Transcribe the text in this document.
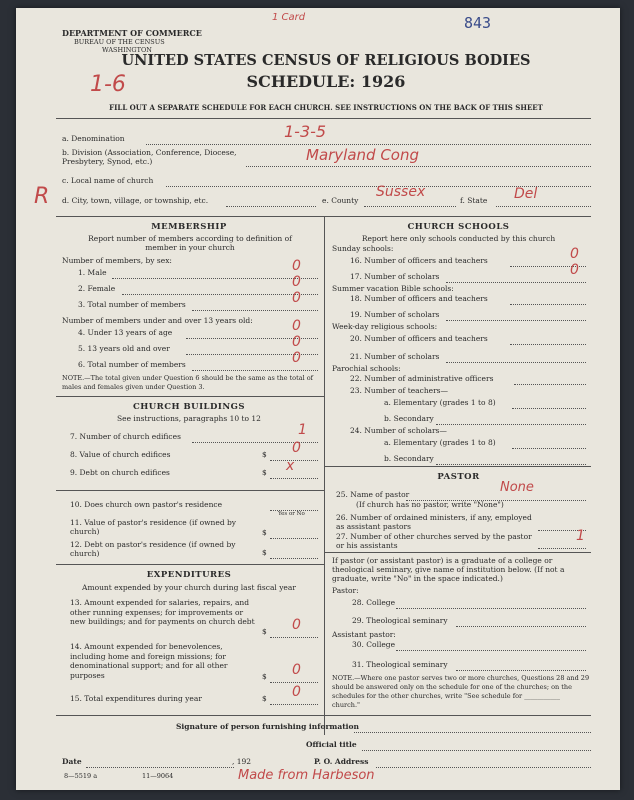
DEPARTMENT OF COMMERCE
BUREAU OF THE CENSUS
WASHINGTON
1 Card	843
UNITED STATES CENSUS OF RELIGIOUS BODIES
SCHEDULE: 1926
1-6
FILL OUT A SEPARATE SCHEDULE FOR EACH CHURCH. SEE INSTRUCTIONS ON THE BACK OF THIS SHEET
a. Denomination	1-3-5
b. Division (Association, Conference, Diocese, Presbytery, Synod, etc.)	Maryland Cong
c. Local name of church
R d. City, town, village, or township, etc.	e. County
Sussex
f. State Del
MEMBERSHIP
Report number of members according to definition of member in your church
Number of members, by sex:
1. Male	0
2. Female	0
3. Total number of members	0
Number of members under and over 13 years old:
4. Under 13 years of age	0
5. 13 years old and over	0
6. Total number of members	0
NOTE.—The total given under Question 6 should be the same as the total of males and females given under Question 3.
CHURCH BUILDINGS
See instructions, paragraphs 10 to 12
7. Number of church edifices	1
8. Value of church edifices	$ 0
9. Debt on church edifices	$ x
10. Does church own pastor's residence
Yes or No
11. Value of pastor's residence (if owned by church)	$
12. Debt on pastor's residence (if owned by church)	$
EXPENDITURES
Amount expended by your church during last fiscal year
13. Amount expended for salaries, repairs, and other running expenses; for improvements or new buildings; and for payments on church debt
$ 0
14. Amount expended for benevolences, including home and foreign missions; for denominational support; and for all other purposes	$ 0
15. Total expenditures during year	$ 0
CHURCH SCHOOLS
Report here only schools conducted by this church
Sunday schools:
16. Number of officers and teachers	0
17. Number of scholars	0
Summer vacation Bible schools:
18. Number of officers and teachers
19. Number of scholars
Week-day religious schools:
20. Number of officers and teachers
21. Number of scholars
Parochial schools:
22. Number of administrative officers
23. Number of teachers—
a. Elementary (grades 1 to 8)
b. Secondary
24. Number of scholars—
a. Elementary (grades 1 to 8)
b. Secondary
PASTOR
25. Name of pastor	None
(If church has no pastor, write "None")
26. Number of ordained ministers, if any, employed as assistant pastors
27. Number of other churches served by the pastor or his assistants
1
If pastor (or assistant pastor) is a graduate of a college or theological seminary, give name of institution below. (If not a graduate, write "No" in the space indicated.)
Pastor:
28. College
29. Theological seminary
Assistant pastor:
30. College
31. Theological seminary
NOTE.—Where one pastor serves two or more churches, Questions 28 and 29 should be answered only on the schedule for one of the churches; on the schedules for the other churches, write "See schedule for ___________ church."
Signature of person furnishing information
Official title
Date	, 192	P. O. Address
8—5519 a	11—9064	Made from Harbeson
